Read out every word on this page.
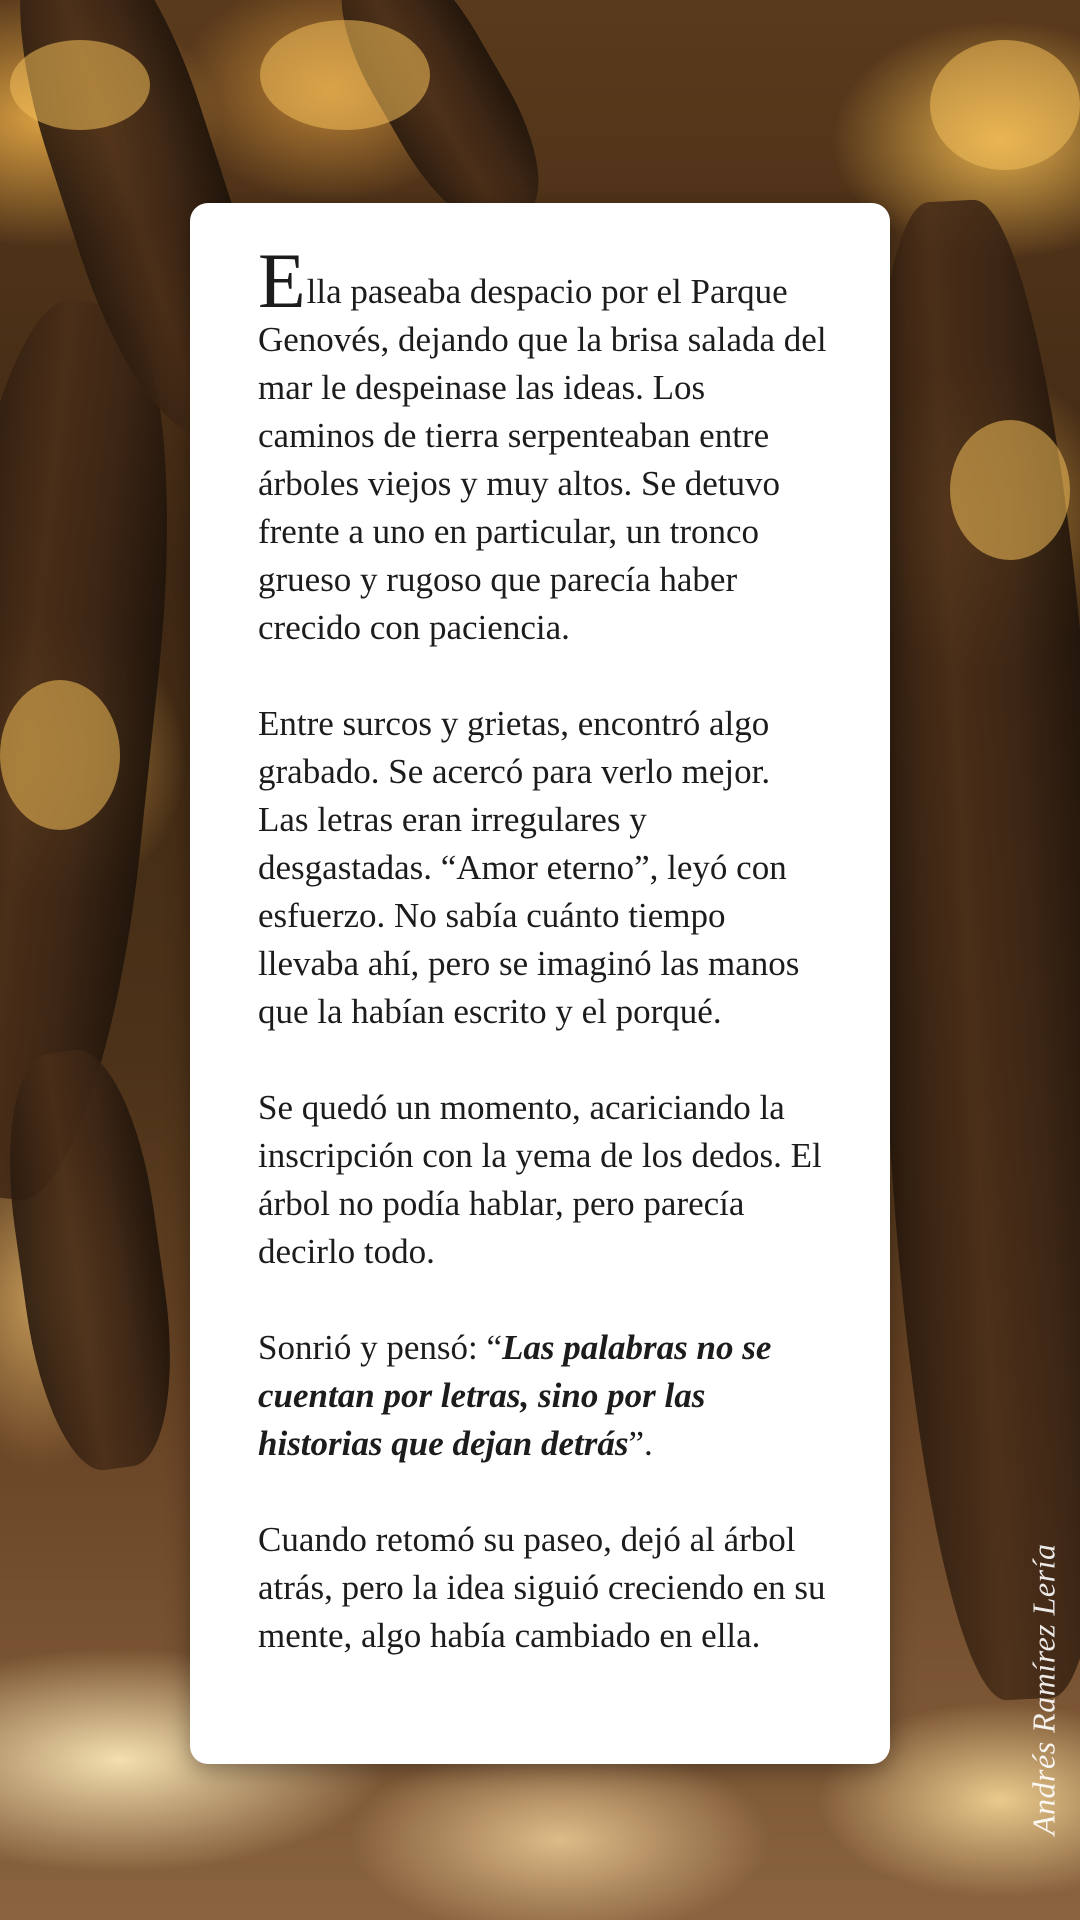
Ella paseaba despacio por el Parque Genovés, dejando que la brisa salada del mar le despeinase las ideas. Los caminos de tierra serpenteaban entre árboles viejos y muy altos. Se detuvo frente a uno en particular, un tronco grueso y rugoso que parecía haber crecido con paciencia.

Entre surcos y grietas, encontró algo grabado. Se acercó para verlo mejor. Las letras eran irregulares y desgastadas. “Amor eterno”, leyó con esfuerzo. No sabía cuánto tiempo llevaba ahí, pero se imaginó las manos que la habían escrito y el porqué.

Se quedó un momento, acariciando la inscripción con la yema de los dedos. El árbol no podía hablar, pero parecía decirlo todo.

Sonrió y pensó: “Las palabras no se cuentan por letras, sino por las historias que dejan detrás”.

Cuando retomó su paseo, dejó al árbol atrás, pero la idea siguió creciendo en su mente, algo había cambiado en ella.	Andrés Ramírez Lería
